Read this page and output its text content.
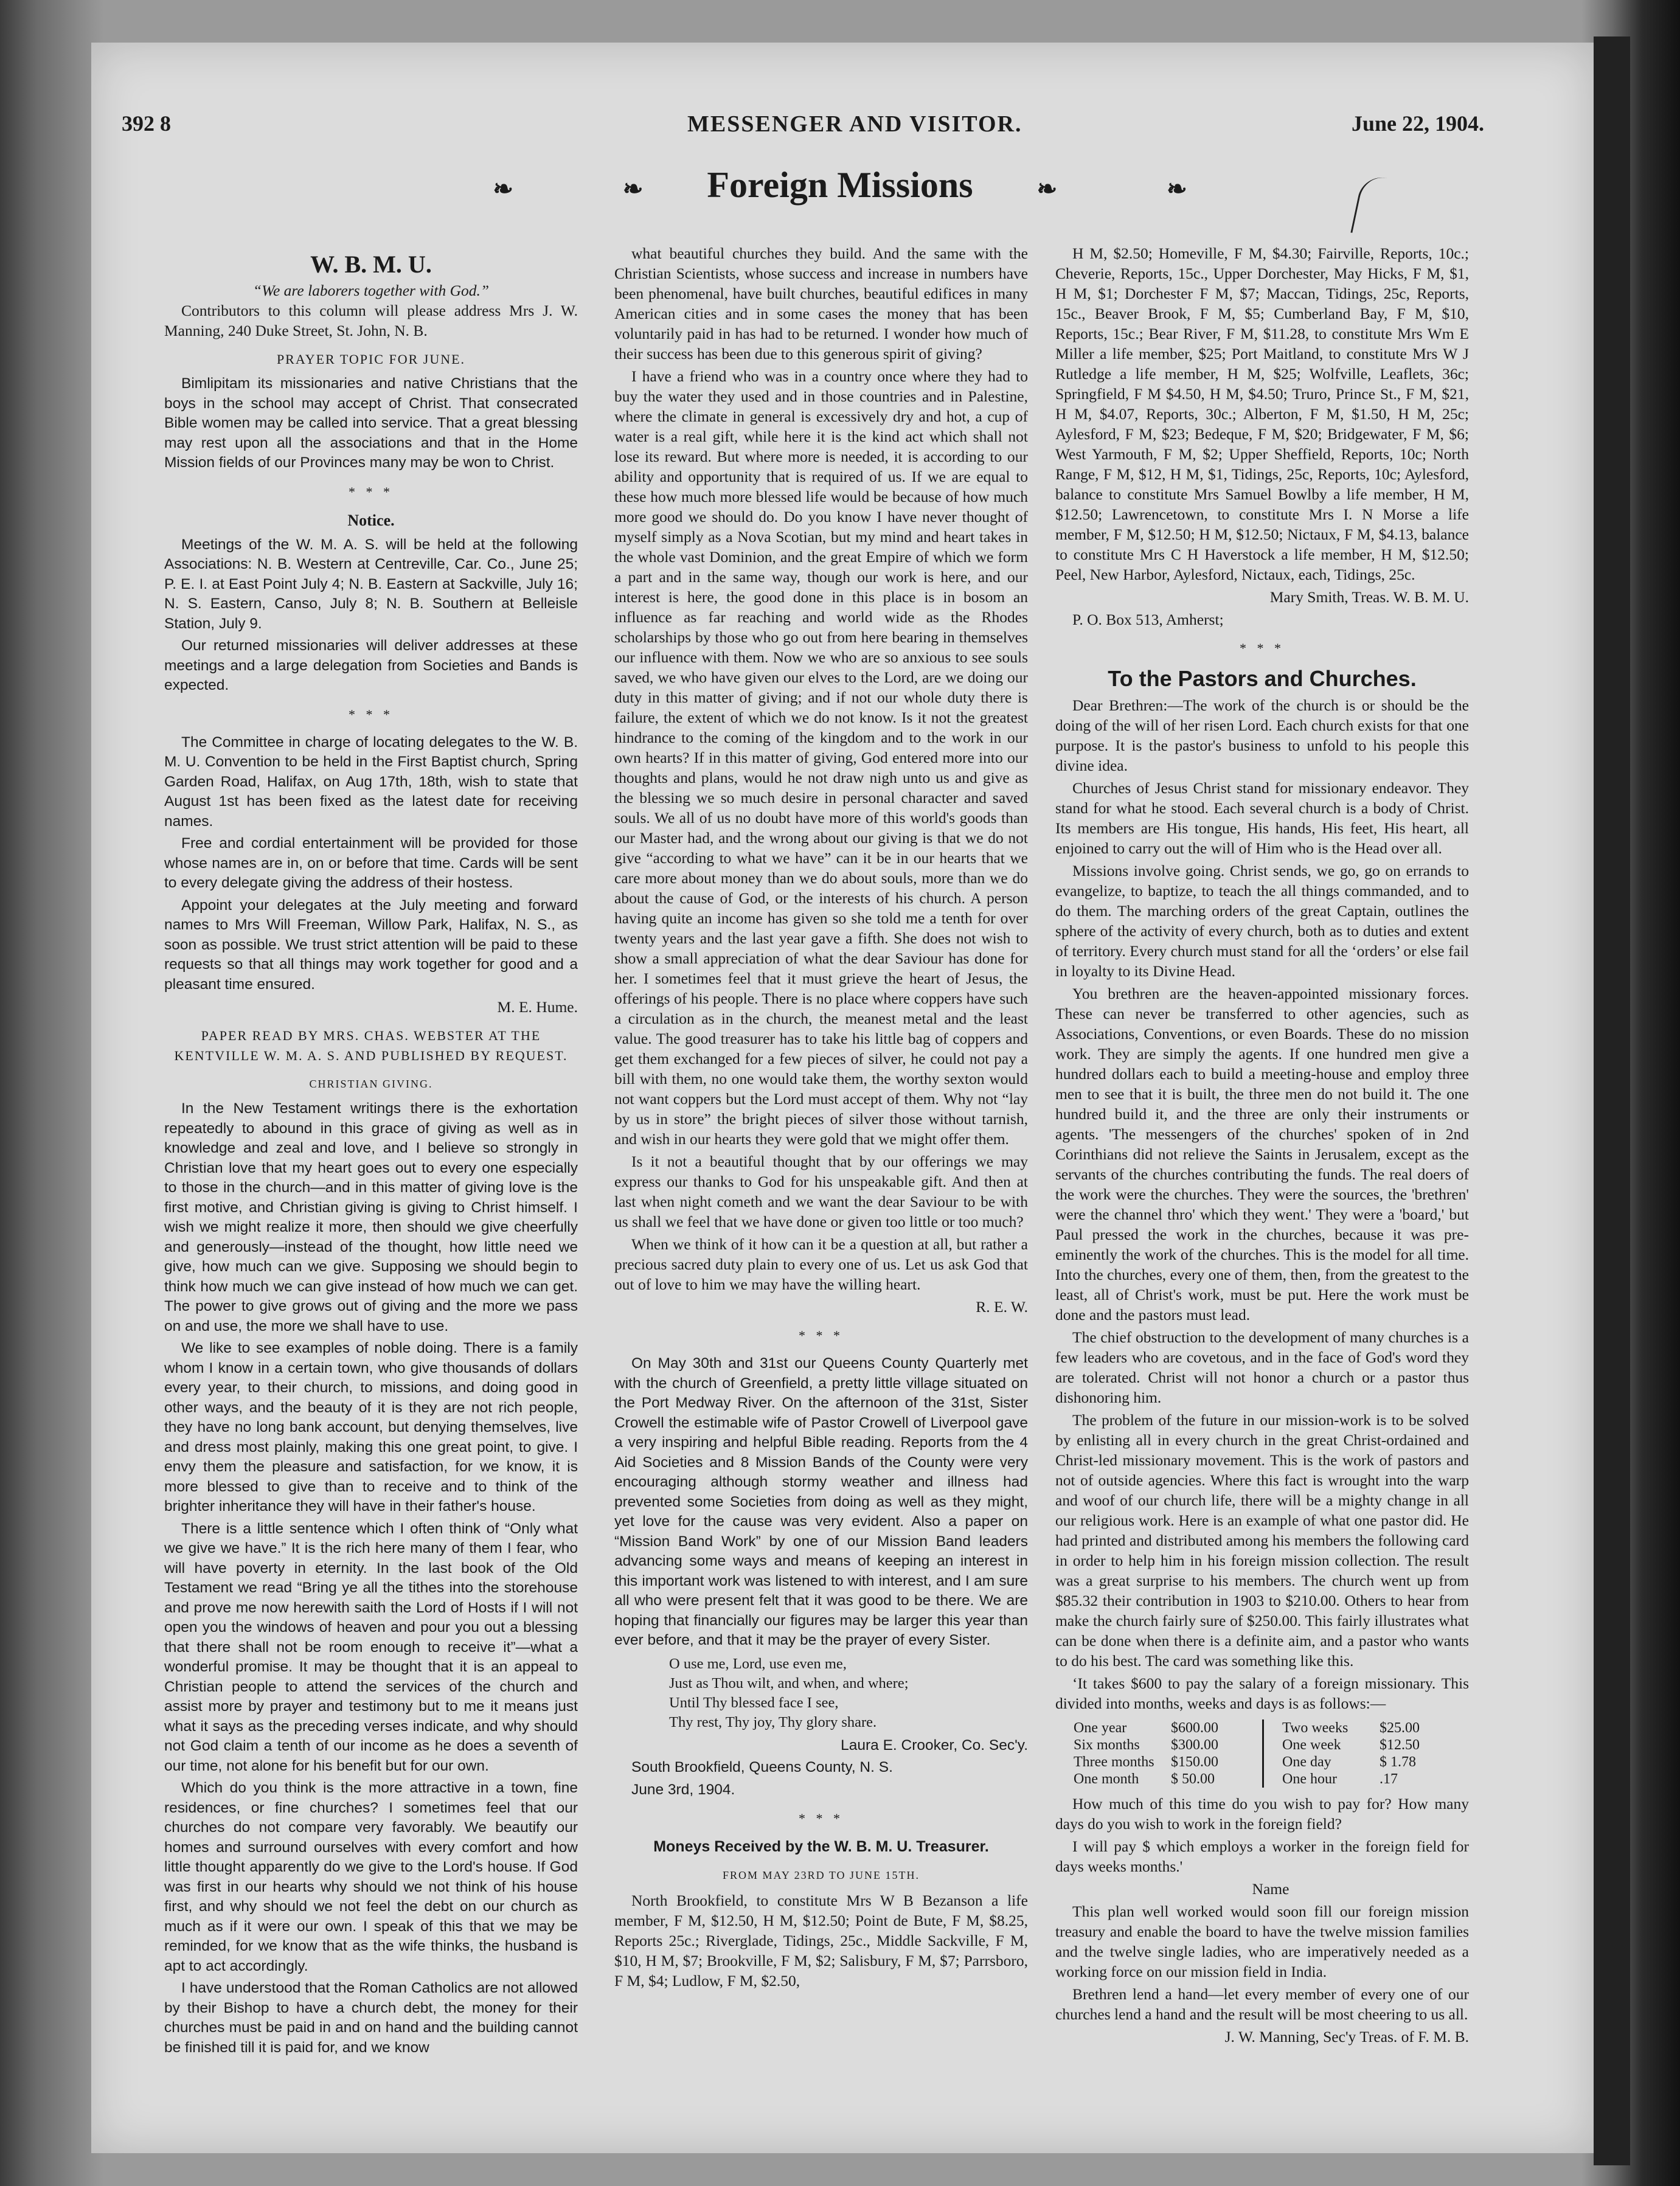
392 8	MESSENGER AND VISITOR.	June 22, 1904.
❧	❧ Foreign Missions	❧	❧
W. B. M. U.
“We are laborers together with God.”

Contributors to this column will please address Mrs J. W. Manning, 240 Duke Street, St. John, N. B.

PRAYER TOPIC FOR JUNE.

Bimlipitam its missionaries and native Christians that the boys in the school may accept of Christ. That consecrated Bible women may be called into service. That a great blessing may rest upon all the associations and that in the Home Mission fields of our Provinces many may be won to Christ.

* * *
Notice.

Meetings of the W. M. A. S. will be held at the following Associations: N. B. Western at Centreville, Car. Co., June 25; P. E. I. at East Point July 4; N. B. Eastern at Sackville, July 16; N. S. Eastern, Canso, July 8; N. B. Southern at Belleisle Station, July 9.

Our returned missionaries will deliver addresses at these meetings and a large delegation from Societies and Bands is expected.

* * *

The Committee in charge of locating delegates to the W. B. M. U. Convention to be held in the First Baptist church, Spring Garden Road, Halifax, on Aug 17th, 18th, wish to state that August 1st has been fixed as the latest date for receiving names.

Free and cordial entertainment will be provided for those whose names are in, on or before that time. Cards will be sent to every delegate giving the address of their hostess.

Appoint your delegates at the July meeting and forward names to Mrs Will Freeman, Willow Park, Halifax, N. S., as soon as possible. We trust strict attention will be paid to these requests so that all things may work together for good and a pleasant time ensured.

M. E. Hume.

PAPER READ BY MRS. CHAS. WEBSTER AT THE KENTVILLE W. M. A. S. AND PUBLISHED BY REQUEST.
CHRISTIAN GIVING.

In the New Testament writings there is the exhortation repeatedly to abound in this grace of giving as well as in knowledge and zeal and love, and I believe so strongly in Christian love that my heart goes out to every one especially to those in the church—and in this matter of giving love is the first motive, and Christian giving is giving to Christ himself. I wish we might realize it more, then should we give cheerfully and generously—instead of the thought, how little need we give, how much can we give. Supposing we should begin to think how much we can give instead of how much we can get. The power to give grows out of giving and the more we pass on and use, the more we shall have to use.

We like to see examples of noble doing. There is a family whom I know in a certain town, who give thousands of dollars every year, to their church, to missions, and doing good in other ways, and the beauty of it is they are not rich people, they have no long bank account, but denying themselves, live and dress most plainly, making this one great point, to give. I envy them the pleasure and satisfaction, for we know, it is more blessed to give than to receive and to think of the brighter inheritance they will have in their father's house.

There is a little sentence which I often think of “Only what we give we have.” It is the rich here many of them I fear, who will have poverty in eternity. In the last book of the Old Testament we read “Bring ye all the tithes into the storehouse and prove me now herewith saith the Lord of Hosts if I will not open you the windows of heaven and pour you out a blessing that there shall not be room enough to receive it”—what a wonderful promise. It may be thought that it is an appeal to Christian people to attend the services of the church and assist more by prayer and testimony but to me it means just what it says as the preceding verses indicate, and why should not God claim a tenth of our income as he does a seventh of our time, not alone for his benefit but for our own.

Which do you think is the more attractive in a town, fine residences, or fine churches? I sometimes feel that our churches do not compare very favorably. We beautify our homes and surround ourselves with every comfort and how little thought apparently do we give to the Lord's house. If God was first in our hearts why should we not think of his house first, and why should we not feel the debt on our church as much as if it were our own. I speak of this that we may be reminded, for we know that as the wife thinks, the husband is apt to act accordingly.

I have understood that the Roman Catholics are not allowed by their Bishop to have a church debt, the money for their churches must be paid in and on hand and the building cannot be finished till it is paid for, and we know

what beautiful churches they build. And the same with the Christian Scientists, whose success and increase in numbers have been phenomenal, have built churches, beautiful edifices in many American cities and in some cases the money that has been voluntarily paid in has had to be returned. I wonder how much of their success has been due to this generous spirit of giving?

I have a friend who was in a country once where they had to buy the water they used and in those countries and in Palestine, where the climate in general is excessively dry and hot, a cup of water is a real gift, while here it is the kind act which shall not lose its reward. But where more is needed, it is according to our ability and opportunity that is required of us. If we are equal to these how much more blessed life would be because of how much more good we should do. Do you know I have never thought of myself simply as a Nova Scotian, but my mind and heart takes in the whole vast Dominion, and the great Empire of which we form a part and in the same way, though our work is here, and our interest is here, the good done in this place is in bosom an influence as far reaching and world wide as the Rhodes scholarships by those who go out from here bearing in themselves our influence with them. Now we who are so anxious to see souls saved, we who have given our elves to the Lord, are we doing our duty in this matter of giving; and if not our whole duty there is failure, the extent of which we do not know. Is it not the greatest hindrance to the coming of the kingdom and to the work in our own hearts? If in this matter of giving, God entered more into our thoughts and plans, would he not draw nigh unto us and give as the blessing we so much desire in personal character and saved souls. We all of us no doubt have more of this world's goods than our Master had, and the wrong about our giving is that we do not give “according to what we have” can it be in our hearts that we care more about money than we do about souls, more than we do about the cause of God, or the interests of his church. A person having quite an income has given so she told me a tenth for over twenty years and the last year gave a fifth. She does not wish to show a small appreciation of what the dear Saviour has done for her. I sometimes feel that it must grieve the heart of Jesus, the offerings of his people. There is no place where coppers have such a circulation as in the church, the meanest metal and the least value. The good treasurer has to take his little bag of coppers and get them exchanged for a few pieces of silver, he could not pay a bill with them, no one would take them, the worthy sexton would not want coppers but the Lord must accept of them. Why not “lay by us in store” the bright pieces of silver those without tarnish, and wish in our hearts they were gold that we might offer them.

Is it not a beautiful thought that by our offerings we may express our thanks to God for his unspeakable gift. And then at last when night cometh and we want the dear Saviour to be with us shall we feel that we have done or given too little or too much?

When we think of it how can it be a question at all, but rather a precious sacred duty plain to every one of us. Let us ask God that out of love to him we may have the willing heart.

R. E. W.

* * *

On May 30th and 31st our Queens County Quarterly met with the church of Greenfield, a pretty little village situated on the Port Medway River. On the afternoon of the 31st, Sister Crowell the estimable wife of Pastor Crowell of Liverpool gave a very inspiring and helpful Bible reading. Reports from the 4 Aid Societies and 8 Mission Bands of the County were very encouraging although stormy weather and illness had prevented some Societies from doing as well as they might, yet love for the cause was very evident. Also a paper on “Mission Band Work” by one of our Mission Band leaders advancing some ways and means of keeping an interest in this important work was listened to with interest, and I am sure all who were present felt that it was good to be there. We are hoping that financially our figures may be larger this year than ever before, and that it may be the prayer of every Sister.

O use me, Lord, use even me,
Just as Thou wilt, and when, and where;
Until Thy blessed face I see,
Thy rest, Thy joy, Thy glory share.

Laura E. Crooker, Co. Sec'y.

South Brookfield, Queens County, N. S.

June 3rd, 1904.

* * *
Moneys Received by the W. B. M. U. Treasurer.
FROM MAY 23RD TO JUNE 15TH.

North Brookfield, to constitute Mrs W B Bezanson a life member, F M, $12.50, H M, $12.50; Point de Bute, F M, $8.25, Reports 25c.; Riverglade, Tidings, 25c., Middle Sackville, F M, $10, H M, $7; Brookville, F M, $2; Salisbury, F M, $7; Parrsboro, F M, $4; Ludlow, F M, $2.50,

H M, $2.50; Homeville, F M, $4.30; Fairville, Reports, 10c.; Cheverie, Reports, 15c., Upper Dorchester, May Hicks, F M, $1, H M, $1; Dorchester F M, $7; Maccan, Tidings, 25c, Reports, 15c., Beaver Brook, F M, $5; Cumberland Bay, F M, $10, Reports, 15c.; Bear River, F M, $11.28, to constitute Mrs Wm E Miller a life member, $25; Port Maitland, to constitute Mrs W J Rutledge a life member, H M, $25; Wolfville, Leaflets, 36c; Springfield, F M $4.50, H M, $4.50; Truro, Prince St., F M, $21, H M, $4.07, Reports, 30c.; Alberton, F M, $1.50, H M, 25c; Aylesford, F M, $23; Bedeque, F M, $20; Bridgewater, F M, $6; West Yarmouth, F M, $2; Upper Sheffield, Reports, 10c; North Range, F M, $12, H M, $1, Tidings, 25c, Reports, 10c; Aylesford, balance to constitute Mrs Samuel Bowlby a life member, H M, $12.50; Lawrencetown, to constitute Mrs I. N Morse a life member, F M, $12.50; H M, $12.50; Nictaux, F M, $4.13, balance to constitute Mrs C H Haverstock a life member, H M, $12.50; Peel, New Harbor, Aylesford, Nictaux, each, Tidings, 25c.

Mary Smith, Treas. W. B. M. U.

P. O. Box 513, Amherst;

* * *
To the Pastors and Churches.

Dear Brethren:—The work of the church is or should be the doing of the will of her risen Lord. Each church exists for that one purpose. It is the pastor's business to unfold to his people this divine idea.

Churches of Jesus Christ stand for missionary endeavor. They stand for what he stood. Each several church is a body of Christ. Its members are His tongue, His hands, His feet, His heart, all enjoined to carry out the will of Him who is the Head over all.

Missions involve going. Christ sends, we go, go on errands to evangelize, to baptize, to teach the all things commanded, and to do them. The marching orders of the great Captain, outlines the sphere of the activity of every church, both as to duties and extent of territory. Every church must stand for all the ‘orders’ or else fail in loyalty to its Divine Head.

You brethren are the heaven-appointed missionary forces. These can never be transferred to other agencies, such as Associations, Conventions, or even Boards. These do no mission work. They are simply the agents. If one hundred men give a hundred dollars each to build a meeting-house and employ three men to see that it is built, the three men do not build it. The one hundred build it, and the three are only their instruments or agents. 'The messengers of the churches' spoken of in 2nd Corinthians did not relieve the Saints in Jerusalem, except as the servants of the churches contributing the funds. The real doers of the work were the churches. They were the sources, the 'brethren' were the channel thro' which they went.' They were a 'board,' but Paul pressed the work in the churches, because it was pre-eminently the work of the churches. This is the model for all time. Into the churches, every one of them, then, from the greatest to the least, all of Christ's work, must be put. Here the work must be done and the pastors must lead.

The chief obstruction to the development of many churches is a few leaders who are covetous, and in the face of God's word they are tolerated. Christ will not honor a church or a pastor thus dishonoring him.

The problem of the future in our mission-work is to be solved by enlisting all in every church in the great Christ-ordained and Christ-led missionary movement. This is the work of pastors and not of outside agencies. Where this fact is wrought into the warp and woof of our church life, there will be a mighty change in all our religious work. Here is an example of what one pastor did. He had printed and distributed among his members the following card in order to help him in his foreign mission collection. The result was a great surprise to his members. The church went up from $85.32 their contribution in 1903 to $210.00. Others to hear from make the church fairly sure of $250.00. This fairly illustrates what can be done when there is a definite aim, and a pastor who wants to do his best. The card was something like this.

‘It takes $600 to pay the salary of a foreign missionary. This divided into months, weeks and days is as follows:—

One year	$600.00
Six months	$300.00
Three months	$150.00
One month	$ 50.00
Two weeks	$25.00
One week	$12.50
One day	$ 1.78
One hour	.17

How much of this time do you wish to pay for? How many days do you wish to work in the foreign field?

I will pay $ which employs a worker in the foreign field for days weeks months.'

Name

This plan well worked would soon fill our foreign mission treasury and enable the board to have the twelve mission families and the twelve single ladies, who are imperatively needed as a working force on our mission field in India.

Brethren lend a hand—let every member of every one of our churches lend a hand and the result will be most cheering to us all.

J. W. Manning, Sec'y Treas. of F. M. B.
